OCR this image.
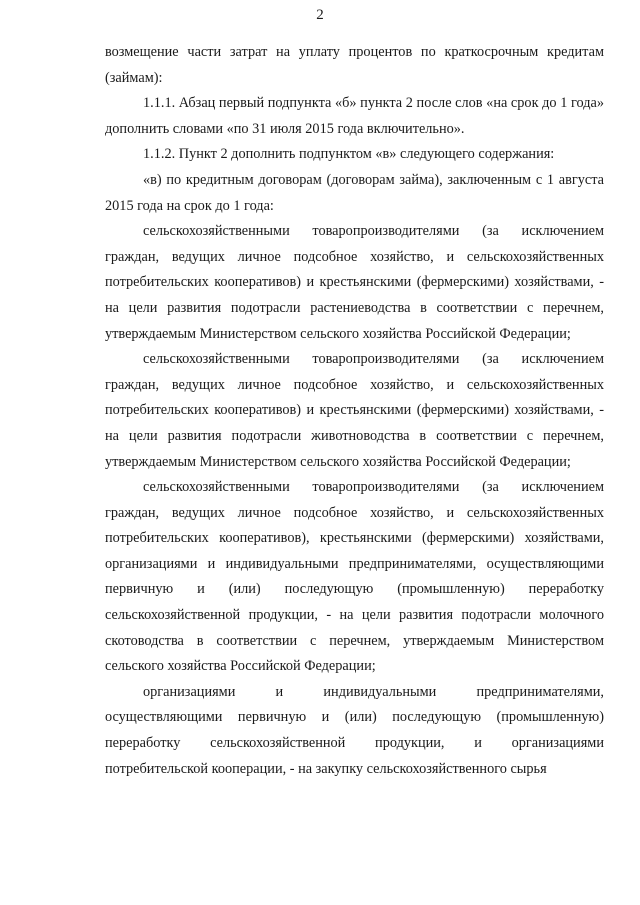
2

возмещение части затрат на уплату процентов по краткосрочным кредитам (займам):

1.1.1. Абзац первый подпункта «б» пункта 2 после слов «на срок до 1 года» дополнить словами «по 31 июля 2015 года включительно».

1.1.2. Пункт 2 дополнить подпунктом «в» следующего содержания:

«в) по кредитным договорам (договорам займа), заключенным с 1 августа 2015 года на срок до 1 года:

сельскохозяйственными товаропроизводителями (за исключением граждан, ведущих личное подсобное хозяйство, и сельскохозяйственных потребительских кооперативов) и крестьянскими (фермерскими) хозяйствами, - на цели развития подотрасли растениеводства в соответствии с перечнем, утверждаемым Министерством сельского хозяйства Российской Федерации;

сельскохозяйственными товаропроизводителями (за исключением граждан, ведущих личное подсобное хозяйство, и сельскохозяйственных потребительских кооперативов) и крестьянскими (фермерскими) хозяйствами, - на цели развития подотрасли животноводства в соответствии с перечнем, утверждаемым Министерством сельского хозяйства Российской Федерации;

сельскохозяйственными товаропроизводителями (за исключением граждан, ведущих личное подсобное хозяйство, и сельскохозяйственных потребительских кооперативов), крестьянскими (фермерскими) хозяйствами, организациями и индивидуальными предпринимателями, осуществляющими первичную и (или) последующую (промышленную) переработку сельскохозяйственной продукции, - на цели развития подотрасли молочного скотоводства в соответствии с перечнем, утверждаемым Министерством сельского хозяйства Российской Федерации;

организациями и индивидуальными предпринимателями, осуществляющими первичную и (или) последующую (промышленную) переработку сельскохозяйственной продукции, и организациями потребительской кооперации, - на закупку сельскохозяйственного сырья
